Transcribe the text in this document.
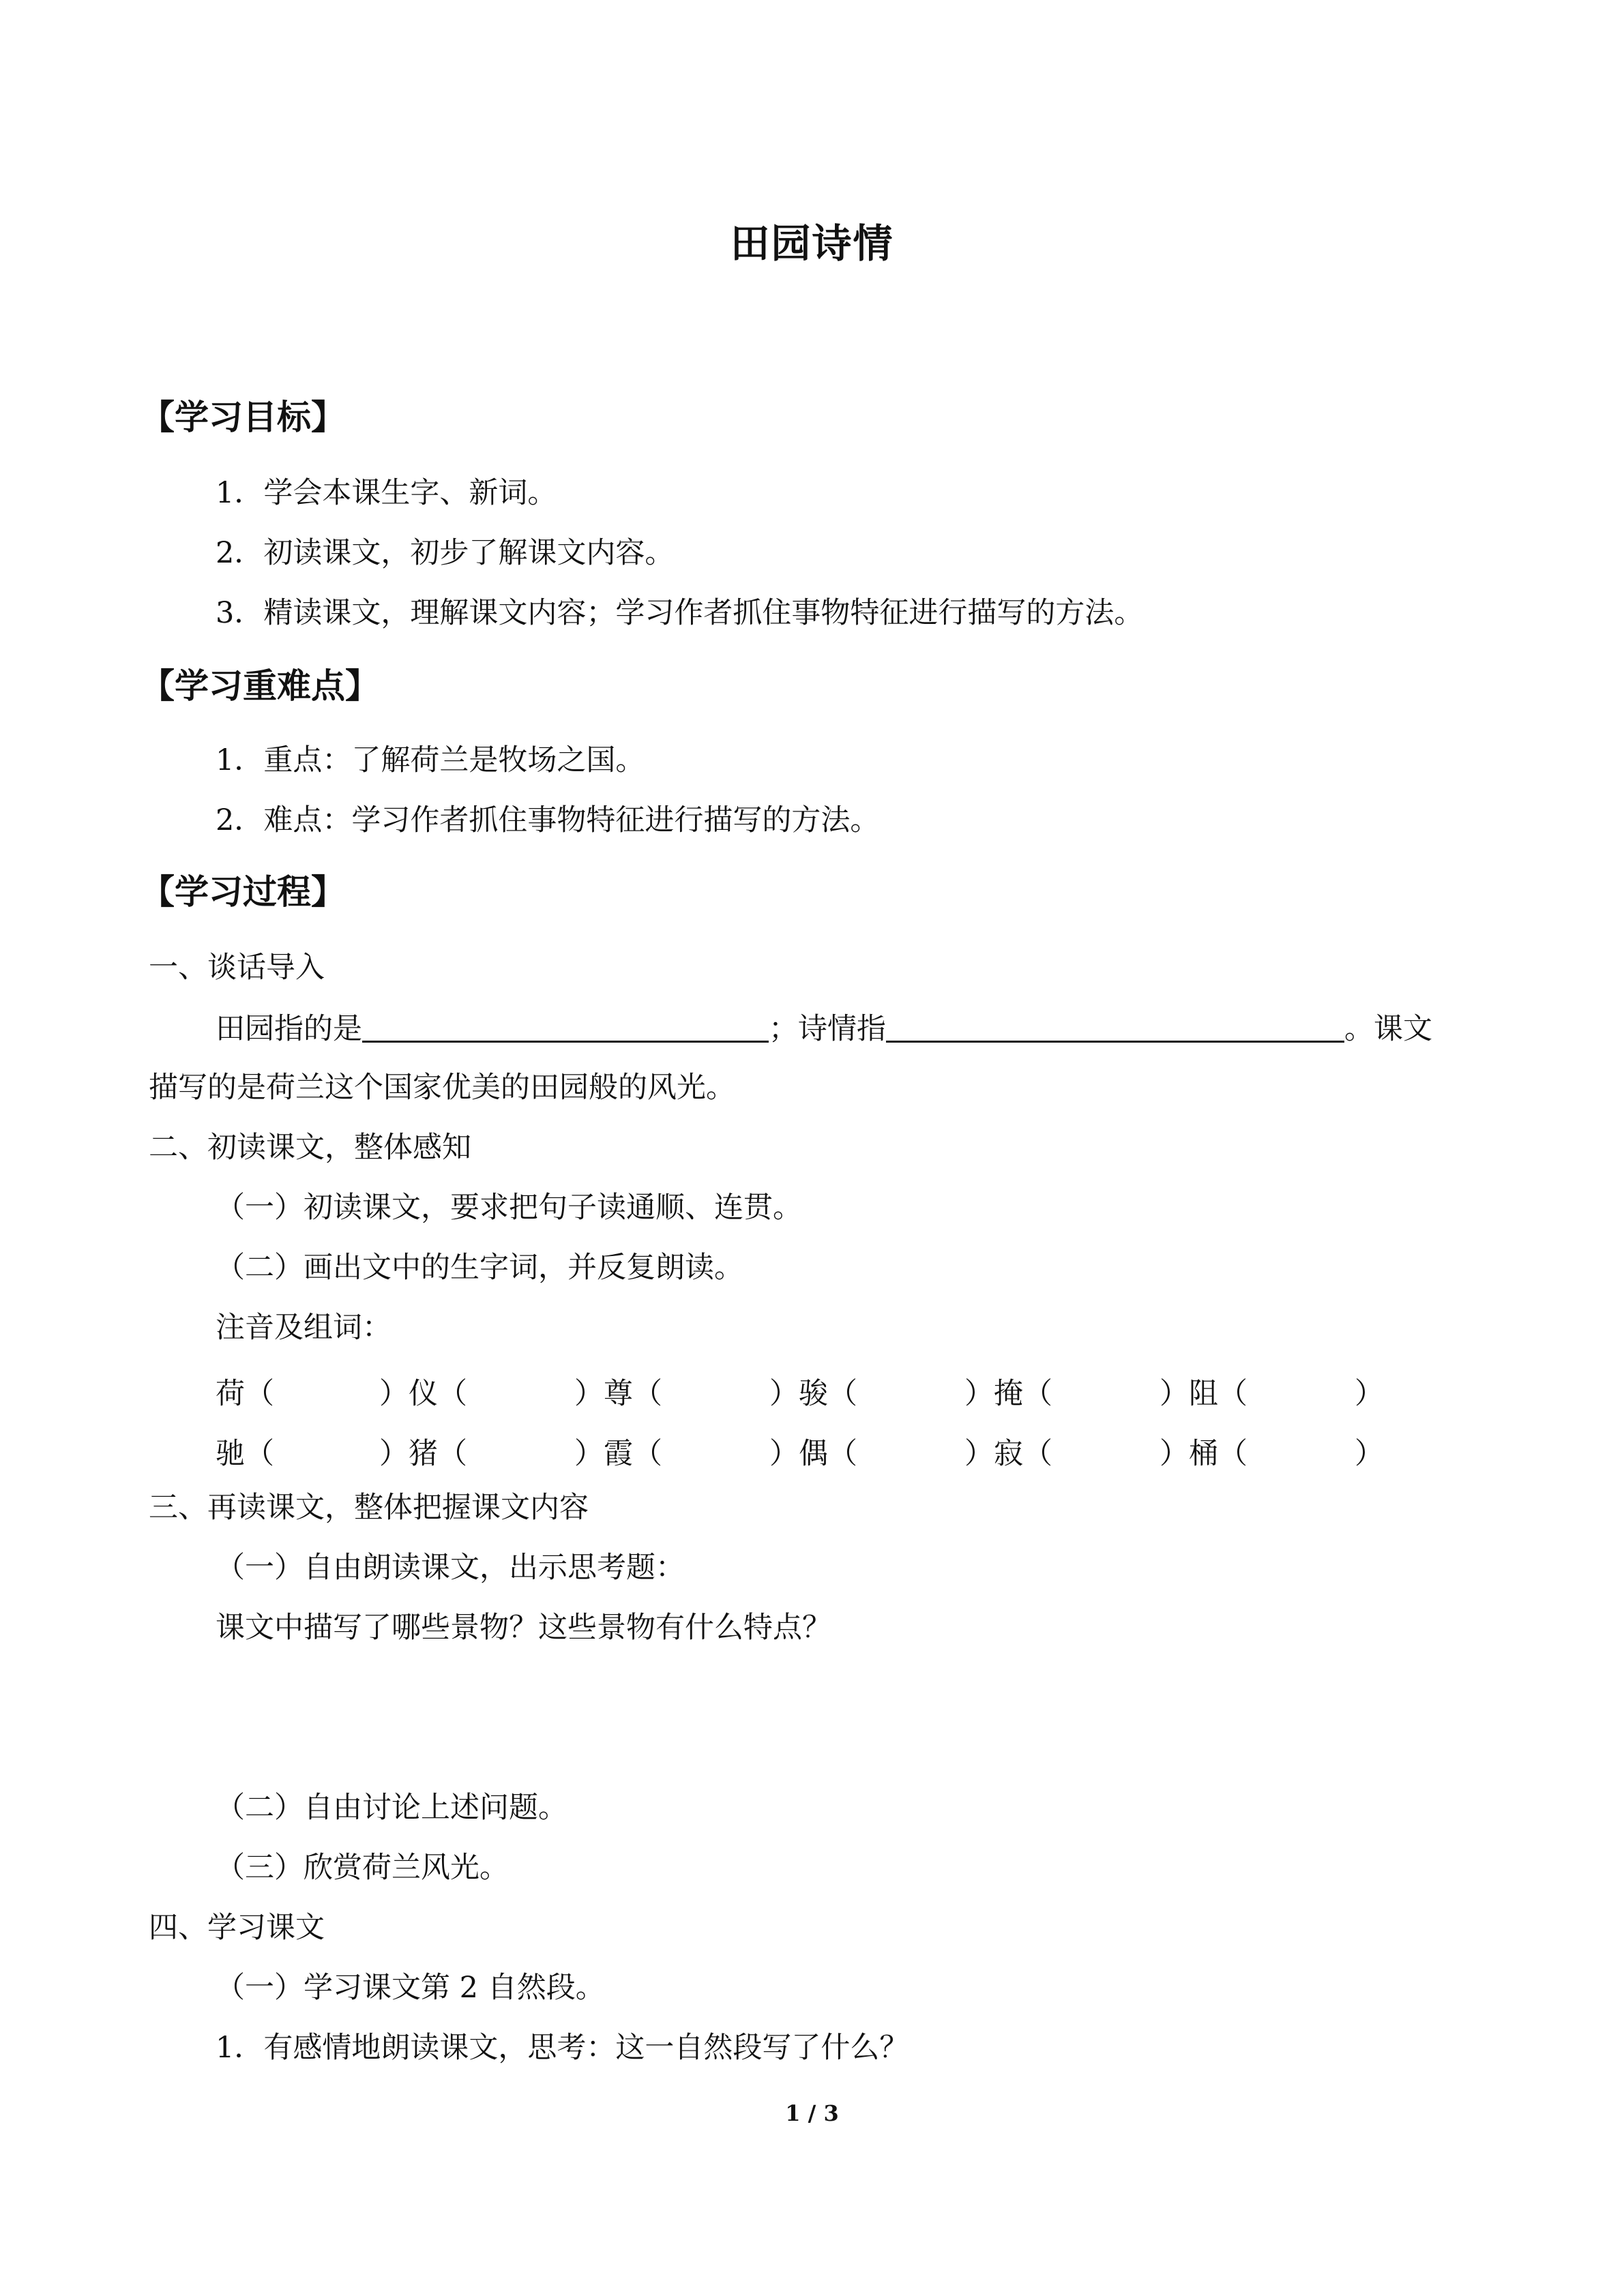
田园诗情
【学习目标】
1．学会本课生字、新词。
2．初读课文，初步了解课文内容。
3．精读课文，理解课文内容；学习作者抓住事物特征进行描写的方法。
【学习重难点】
1．重点：了解荷兰是牧场之国。
2．难点：学习作者抓住事物特征进行描写的方法。
【学习过程】
一、谈话导入
田园指的是	；诗情指	。课文
描写的是荷兰这个国家优美的田园般的风光。
二、初读课文，整体感知
（一）初读课文，要求把句子读通顺、连贯。
（二）画出文中的生字词，并反复朗读。
注音及组词：
荷（	）仪（	）尊（	）骏（	）掩（	）阻（	）
驰（	）猪（	）霞（	）偶（	）寂（	）桶（	）
三、再读课文，整体把握课文内容
（一）自由朗读课文，出示思考题：
课文中描写了哪些景物？这些景物有什么特点？
（二）自由讨论上述问题。
（三）欣赏荷兰风光。
四、学习课文
（一）学习课文第 2 自然段。
1．有感情地朗读课文，思考：这一自然段写了什么？
1 / 3
